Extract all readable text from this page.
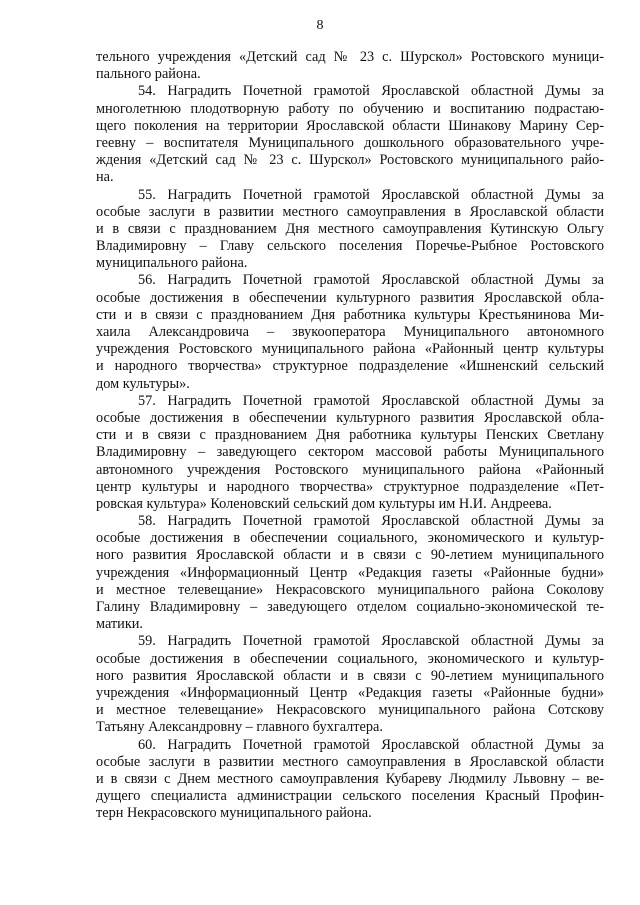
8
тельного учреждения «Детский сад № 23 с. Шурскол» Ростовского муници-
пального района.
54. Наградить Почетной грамотой Ярославской областной Думы за
многолетнюю плодотворную работу по обучению и воспитанию подрастаю-
щего поколения на территории Ярославской области Шинакову Марину Сер-
геевну – воспитателя Муниципального дошкольного образовательного учре-
ждения «Детский сад № 23 с. Шурскол» Ростовского муниципального райо-
на.
55. Наградить Почетной грамотой Ярославской областной Думы за
особые заслуги в развитии местного самоуправления в Ярославской области
и в связи с празднованием Дня местного самоуправления Кутинскую Ольгу
Владимировну – Главу сельского поселения Поречье-Рыбное Ростовского
муниципального района.
56. Наградить Почетной грамотой Ярославской областной Думы за
особые достижения в обеспечении культурного развития Ярославской обла-
сти и в связи с празднованием Дня работника культуры Крестьянинова Ми-
хаила Александровича – звукооператора Муниципального автономного
учреждения Ростовского муниципального района «Районный центр культуры
и народного творчества» структурное подразделение «Ишненский сельский
дом культуры».
57. Наградить Почетной грамотой Ярославской областной Думы за
особые достижения в обеспечении культурного развития Ярославской обла-
сти и в связи с празднованием Дня работника культуры Пенских Светлану
Владимировну – заведующего сектором массовой работы Муниципального
автономного учреждения Ростовского муниципального района «Районный
центр культуры и народного творчества» структурное подразделение «Пет-
ровская культура» Коленовский сельский дом культуры им Н.И. Андреева.
58. Наградить Почетной грамотой Ярославской областной Думы за
особые достижения в обеспечении социального, экономического и культур-
ного развития Ярославской области и в связи с 90-летием муниципального
учреждения «Информационный Центр «Редакция газеты «Районные будни»
и местное телевещание» Некрасовского муниципального района Соколову
Галину Владимировну – заведующего отделом социально-экономической те-
матики.
59. Наградить Почетной грамотой Ярославской областной Думы за
особые достижения в обеспечении социального, экономического и культур-
ного развития Ярославской области и в связи с 90-летием муниципального
учреждения «Информационный Центр «Редакция газеты «Районные будни»
и местное телевещание» Некрасовского муниципального района Сотскову
Татьяну Александровну – главного бухгалтера.
60. Наградить Почетной грамотой Ярославской областной Думы за
особые заслуги в развитии местного самоуправления в Ярославской области
и в связи с Днем местного самоуправления Кубареву Людмилу Львовну – ве-
дущего специалиста администрации сельского поселения Красный Профин-
терн Некрасовского муниципального района.
